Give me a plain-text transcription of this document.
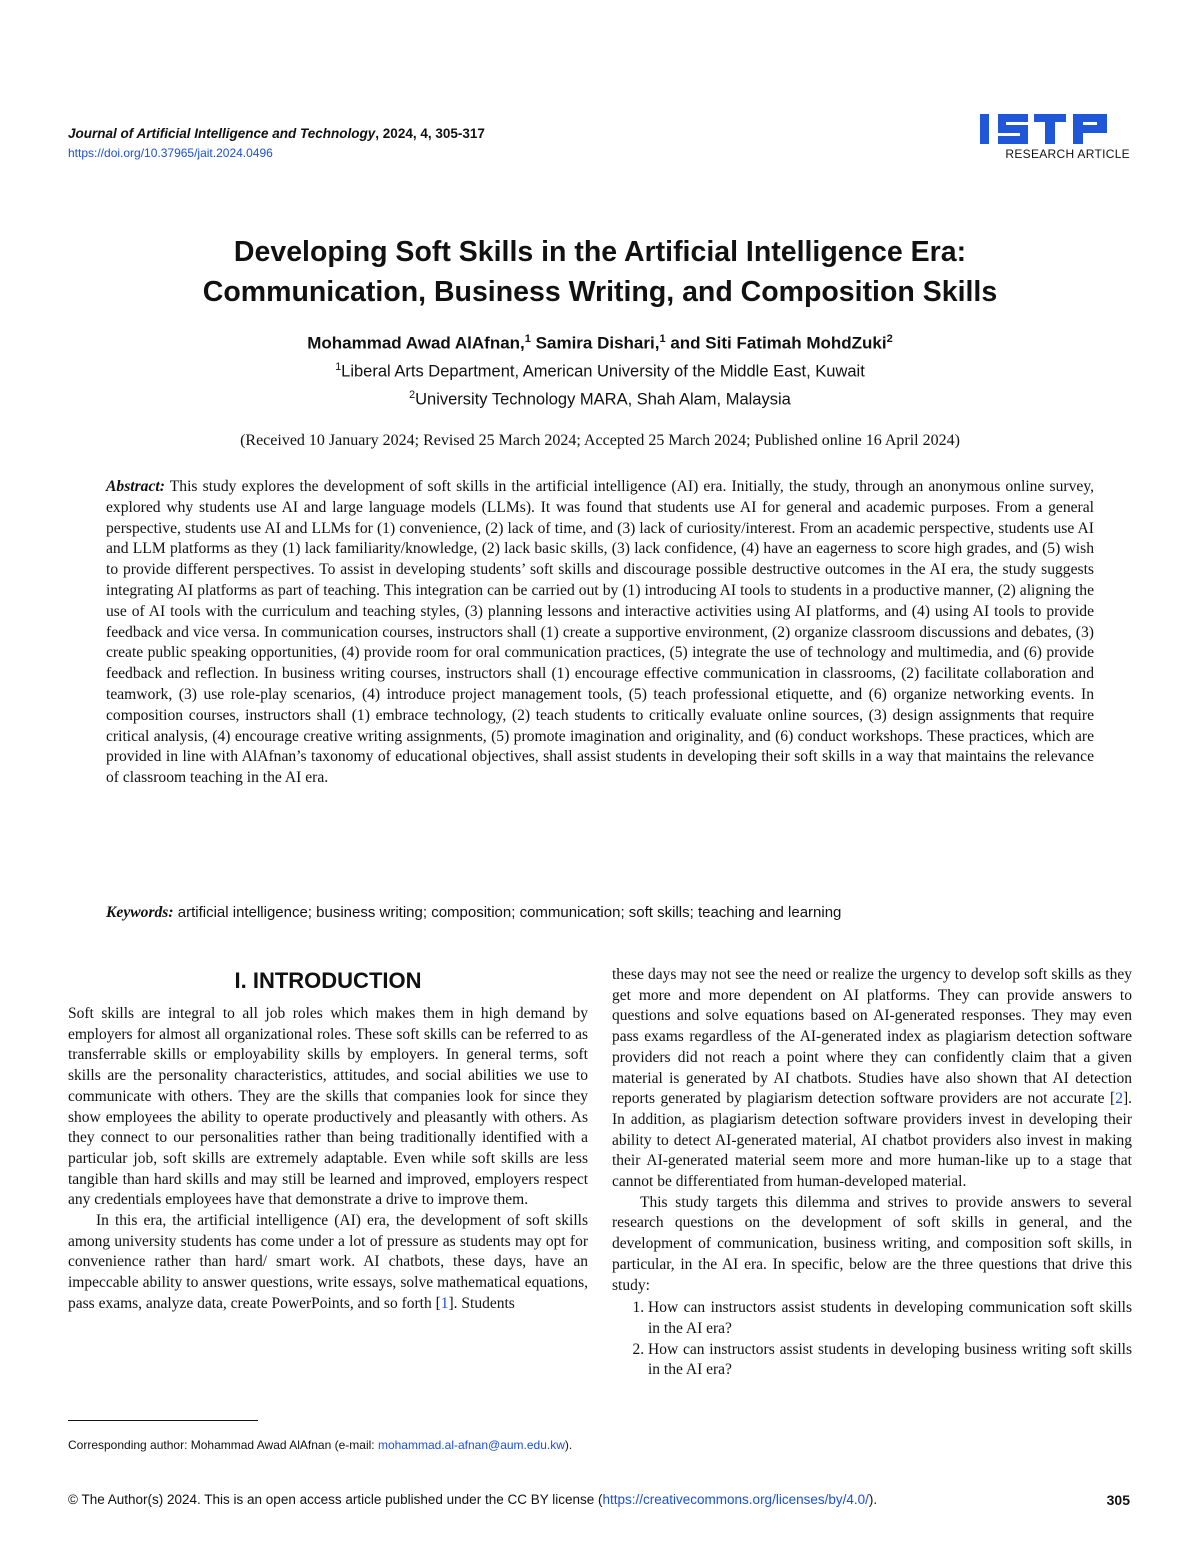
Journal of Artificial Intelligence and Technology, 2024, 4, 305-317
https://doi.org/10.37965/jait.2024.0496	RESEARCH ARTICLE
Developing Soft Skills in the Artificial Intelligence Era:
Communication, Business Writing, and Composition Skills
Mohammad Awad AlAfnan,$^1$ Samira Dishari,$^1$ and Siti Fatimah MohdZuki$^2$
$^1$Liberal Arts Department, American University of the Middle East, Kuwait
$^2$University Technology MARA, Shah Alam, Malaysia
(Received 10 January 2024; Revised 25 March 2024; Accepted 25 March 2024; Published online 16 April 2024)
Abstract: This study explores the development of soft skills in the artificial intelligence (AI) era. Initially, the study, through an anonymous online survey, explored why students use AI and large language models (LLMs). It was found that students use AI for general and academic purposes. From a general perspective, students use AI and LLMs for (1) convenience, (2) lack of time, and (3) lack of curiosity/interest. From an academic perspective, students use AI and LLM platforms as they (1) lack familiarity/knowledge, (2) lack basic skills, (3) lack confidence, (4) have an eagerness to score high grades, and (5) wish to provide different perspectives. To assist in developing students’ soft skills and discourage possible destructive outcomes in the AI era, the study suggests integrating AI platforms as part of teaching. This integration can be carried out by (1) introducing AI tools to students in a productive manner, (2) aligning the use of AI tools with the curriculum and teaching styles, (3) planning lessons and interactive activities using AI platforms, and (4) using AI tools to provide feedback and vice versa. In communication courses, instructors shall (1) create a supportive environment, (2) organize classroom discussions and debates, (3) create public speaking opportunities, (4) provide room for oral communication practices, (5) integrate the use of technology and multimedia, and (6) provide feedback and reflection. In business writing courses, instructors shall (1) encourage effective communication in classrooms, (2) facilitate collaboration and teamwork, (3) use role-play scenarios, (4) introduce project management tools, (5) teach professional etiquette, and (6) organize networking events. In composition courses, instructors shall (1) embrace technology, (2) teach students to critically evaluate online sources, (3) design assignments that require critical analysis, (4) encourage creative writing assignments, (5) promote imagination and originality, and (6) conduct workshops. These practices, which are provided in line with AlAfnan’s taxonomy of educational objectives, shall assist students in developing their soft skills in a way that maintains the relevance of classroom teaching in the AI era.
Keywords: artificial intelligence; business writing; composition; communication; soft skills; teaching and learning
I. INTRODUCTION

Soft skills are integral to all job roles which makes them in high demand by employers for almost all organizational roles. These soft skills can be referred to as transferrable skills or employability skills by employers. In general terms, soft skills are the personality characteristics, attitudes, and social abilities we use to communicate with others. They are the skills that companies look for since they show employees the ability to operate productively and pleasantly with others. As they connect to our personalities rather than being traditionally identified with a particular job, soft skills are extremely adaptable. Even while soft skills are less tangible than hard skills and may still be learned and improved, employers respect any credentials employees have that demonstrate a drive to improve them.

In this era, the artificial intelligence (AI) era, the development of soft skills among university students has come under a lot of pressure as students may opt for convenience rather than hard/ smart work. AI chatbots, these days, have an impeccable ability to answer questions, write essays, solve mathematical equations, pass exams, analyze data, create PowerPoints, and so forth [1]. Students

these days may not see the need or realize the urgency to develop soft skills as they get more and more dependent on AI platforms. They can provide answers to questions and solve equations based on AI-generated responses. They may even pass exams regardless of the AI-generated index as plagiarism detection software providers did not reach a point where they can confidently claim that a given material is generated by AI chatbots. Studies have also shown that AI detection reports generated by plagiarism detection software providers are not accurate [2]. In addition, as plagiarism detection software providers invest in developing their ability to detect AI-generated material, AI chatbot providers also invest in making their AI-generated material seem more and more human-like up to a stage that cannot be differentiated from human-developed material.

This study targets this dilemma and strives to provide answers to several research questions on the development of soft skills in general, and the development of communication, business writing, and composition soft skills, in particular, in the AI era. In specific, below are the three questions that drive this study:

1. How can instructors assist students in developing communication soft skills in the AI era?
2. How can instructors assist students in developing business writing soft skills in the AI era?
Corresponding author: Mohammad Awad AlAfnan (e-mail: mohammad.al-afnan@aum.edu.kw).
© The Author(s) 2024. This is an open access article published under the CC BY license (https://creativecommons.org/licenses/by/4.0/).	305
